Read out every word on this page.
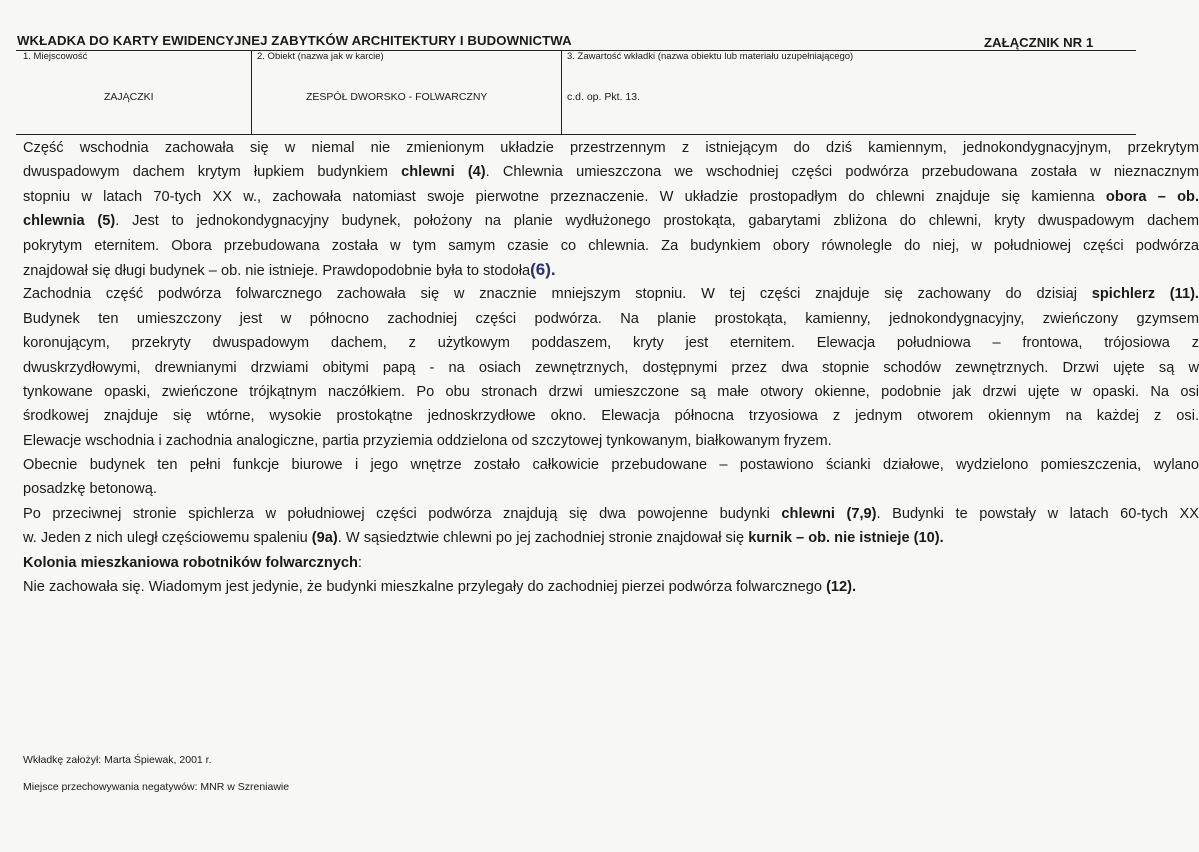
WKŁADKA DO KARTY EWIDENCYJNEJ ZABYTKÓW ARCHITEKTURY I BUDOWNICTWA	ZAŁĄCZNIK NR 1
1. Miejscowość	2. Obiekt (nazwa jak w karcie)	3. Zawartość wkładki (nazwa obiektu lub materiału uzupełniającego)
ZAJĄCZKI	ZESPÓŁ DWORSKO - FOLWARCZNY	c.d. op. Pkt. 13.
Część wschodnia zachowała się w niemal nie zmienionym układzie przestrzennym z istniejącym do dziś kamiennym, jednokondygnacyjnym, przekrytym
dwuspadowym dachem krytym łupkiem budynkiem chlewni (4). Chlewnia umieszczona we wschodniej części podwórza przebudowana została w nieznacznym
stopniu w latach 70-tych XX w., zachowała natomiast swoje pierwotne przeznaczenie. W układzie prostopadłym do chlewni znajduje się kamienna obora – ob.
chlewnia (5). Jest to jednokondygnacyjny budynek, położony na planie wydłużonego prostokąta, gabarytami zbliżona do chlewni, kryty dwuspadowym dachem
pokrytym eternitem. Obora przebudowana została w tym samym czasie co chlewnia. Za budynkiem obory równolegle do niej, w południowej części podwórza
znajdował się długi budynek – ob. nie istnieje. Prawdopodobnie była to stodoła(6).
Zachodnia część podwórza folwarcznego zachowała się w znacznie mniejszym stopniu. W tej części znajduje się zachowany do dzisiaj spichlerz (11).
Budynek ten umieszczony jest w północno zachodniej części podwórza. Na planie prostokąta, kamienny, jednokondygnacyjny, zwieńczony gzymsem
koronującym, przekryty dwuspadowym dachem, z użytkowym poddaszem, kryty jest eternitem. Elewacja południowa – frontowa, trójosiowa z
dwuskrzydłowymi, drewnianymi drzwiami obitymi papą - na osiach zewnętrznych, dostępnymi przez dwa stopnie schodów zewnętrznych. Drzwi ujęte są w
tynkowane opaski, zwieńczone trójkątnym naczółkiem. Po obu stronach drzwi umieszczone są małe otwory okienne, podobnie jak drzwi ujęte w opaski. Na osi
środkowej znajduje się wtórne, wysokie prostokątne jednoskrzydłowe okno. Elewacja północna trzyosiowa z jednym otworem okiennym na każdej z osi.
Elewacje wschodnia i zachodnia analogiczne, partia przyziemia oddzielona od szczytowej tynkowanym, białkowanym fryzem.
Obecnie budynek ten pełni funkcje biurowe i jego wnętrze zostało całkowicie przebudowane – postawiono ścianki działowe, wydzielono pomieszczenia, wylano
posadzkę betonową.
Po przeciwnej stronie spichlerza w południowej części podwórza znajdują się dwa powojenne budynki chlewni (7,9). Budynki te powstały w latach 60-tych XX
w. Jeden z nich uległ częściowemu spaleniu (9a). W sąsiedztwie chlewni po jej zachodniej stronie znajdował się kurnik – ob. nie istnieje (10).
Kolonia mieszkaniowa robotników folwarcznych:
Nie zachowała się. Wiadomym jest jedynie, że budynki mieszkalne przylegały do zachodniej pierzei podwórza folwarcznego (12).
Wkładkę założył: Marta Śpiewak, 2001 r.
Miejsce przechowywania negatywów: MNR w Szreniawie
